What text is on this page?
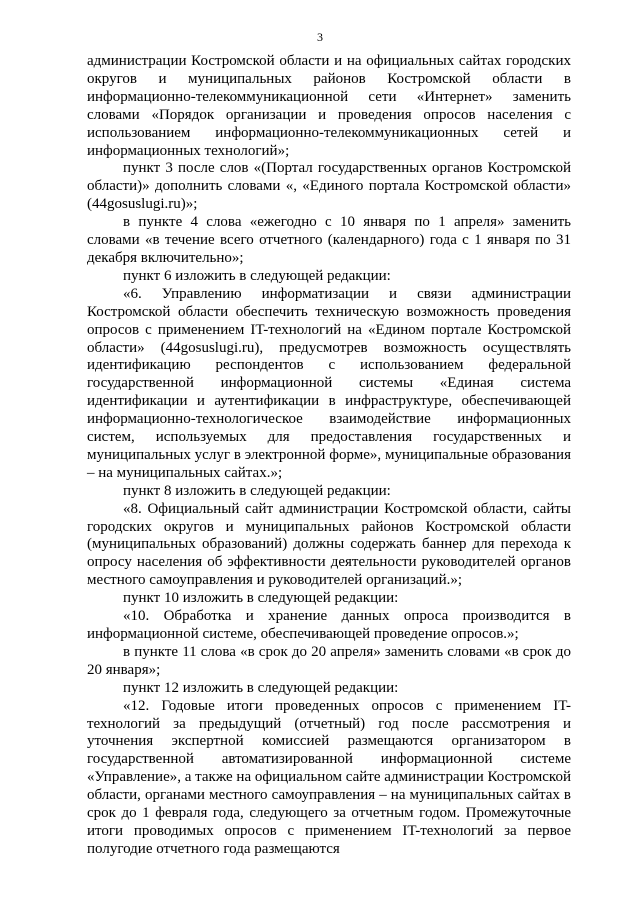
3

администрации Костромской области и на официальных сайтах городских округов и муниципальных районов Костромской области в информационно-телекоммуникационной сети «Интернет» заменить словами «Порядок организации и проведения опросов населения с использованием информационно-телекоммуникационных сетей и информационных технологий»;

пункт 3 после слов «(Портал государственных органов Костромской области)» дополнить словами «, «Единого портала Костромской области» (44gosuslugi.ru)»;

в пункте 4 слова «ежегодно с 10 января по 1 апреля» заменить словами «в течение всего отчетного (календарного) года с 1 января по 31 декабря включительно»;

пункт 6 изложить в следующей редакции:

«6. Управлению информатизации и связи администрации Костромской области обеспечить техническую возможность проведения опросов с применением IT-технологий на «Едином портале Костромской области» (44gosuslugi.ru), предусмотрев возможность осуществлять идентификацию респондентов с использованием федеральной государственной информационной системы «Единая система идентификации и аутентификации в инфраструктуре, обеспечивающей информационно-технологическое взаимодействие информационных систем, используемых для предоставления государственных и муниципальных услуг в электронной форме», муниципальные образования – на муниципальных сайтах.»;

пункт 8 изложить в следующей редакции:

«8. Официальный сайт администрации Костромской области, сайты городских округов и муниципальных районов Костромской области (муниципальных образований) должны содержать баннер для перехода к опросу населения об эффективности деятельности руководителей органов местного самоуправления и руководителей организаций.»;

пункт 10 изложить в следующей редакции:

«10. Обработка и хранение данных опроса производится в информационной системе, обеспечивающей проведение опросов.»;

в пункте 11 слова «в срок до 20 апреля» заменить словами «в срок до 20 января»;

пункт 12 изложить в следующей редакции:

«12. Годовые итоги проведенных опросов с применением IT-технологий за предыдущий (отчетный) год после рассмотрения и уточнения экспертной комиссией размещаются организатором в государственной автоматизированной информационной системе «Управление», а также на официальном сайте администрации Костромской области, органами местного самоуправления – на муниципальных сайтах в срок до 1 февраля года, следующего за отчетным годом. Промежуточные итоги проводимых опросов с применением IT-технологий за первое полугодие отчетного года размещаются
